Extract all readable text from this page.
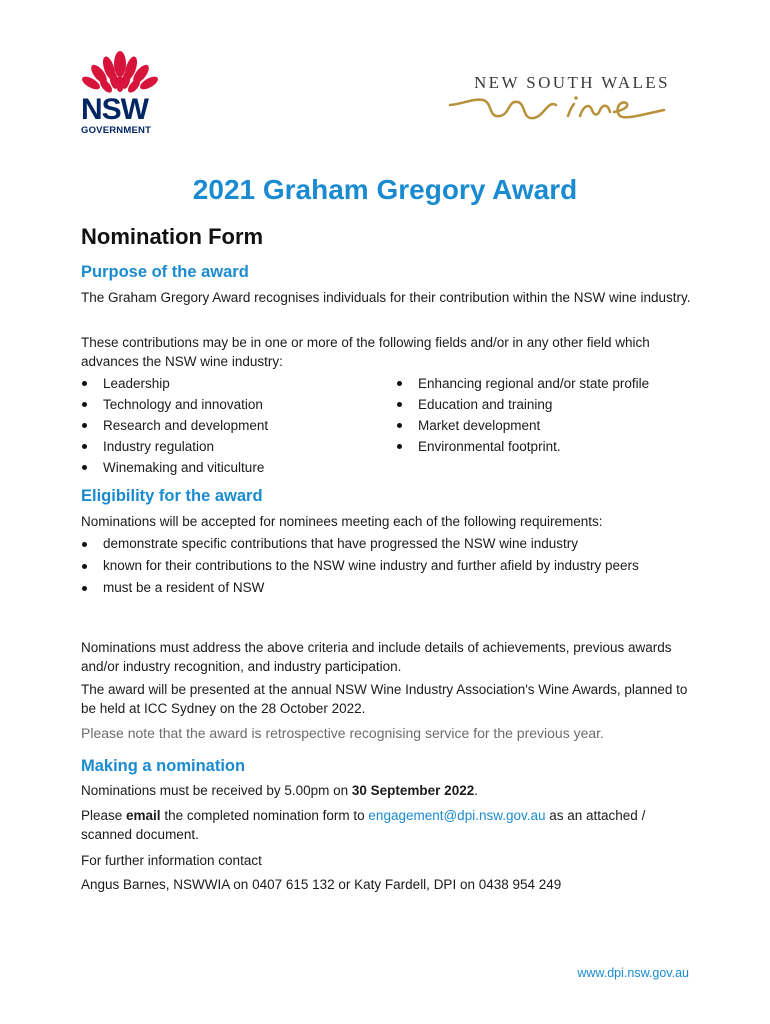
NSW
GOVERNMENT
NEW SOUTH WALES
2021 Graham Gregory Award
Nomination Form
Purpose of the award

The Graham Gregory Award recognises individuals for their contribution within the NSW wine industry.

These contributions may be in one or more of the following fields and/or in any other field which advances the NSW wine industry:

Leadership
Technology and innovation
Research and development
Industry regulation
Winemaking and viticulture
Enhancing regional and/or state profile
Education and training
Market development
Environmental footprint.
Eligibility for the award

Nominations will be accepted for nominees meeting each of the following requirements:

demonstrate specific contributions that have progressed the NSW wine industry
known for their contributions to the NSW wine industry and further afield by industry peers
must be a resident of NSW

Nominations must address the above criteria and include details of achievements, previous awards and/or industry recognition, and industry participation.

The award will be presented at the annual NSW Wine Industry Association's Wine Awards, planned to be held at ICC Sydney on the 28 October 2022.

Please note that the award is retrospective recognising service for the previous year.

Making a nomination

Nominations must be received by 5.00pm on 30 September 2022.

Please email the completed nomination form to engagement@dpi.nsw.gov.au as an attached / scanned document.

For further information contact

Angus Barnes, NSWWIA on 0407 615 132 or Katy Fardell, DPI on 0438 954 249

www.dpi.nsw.gov.au
